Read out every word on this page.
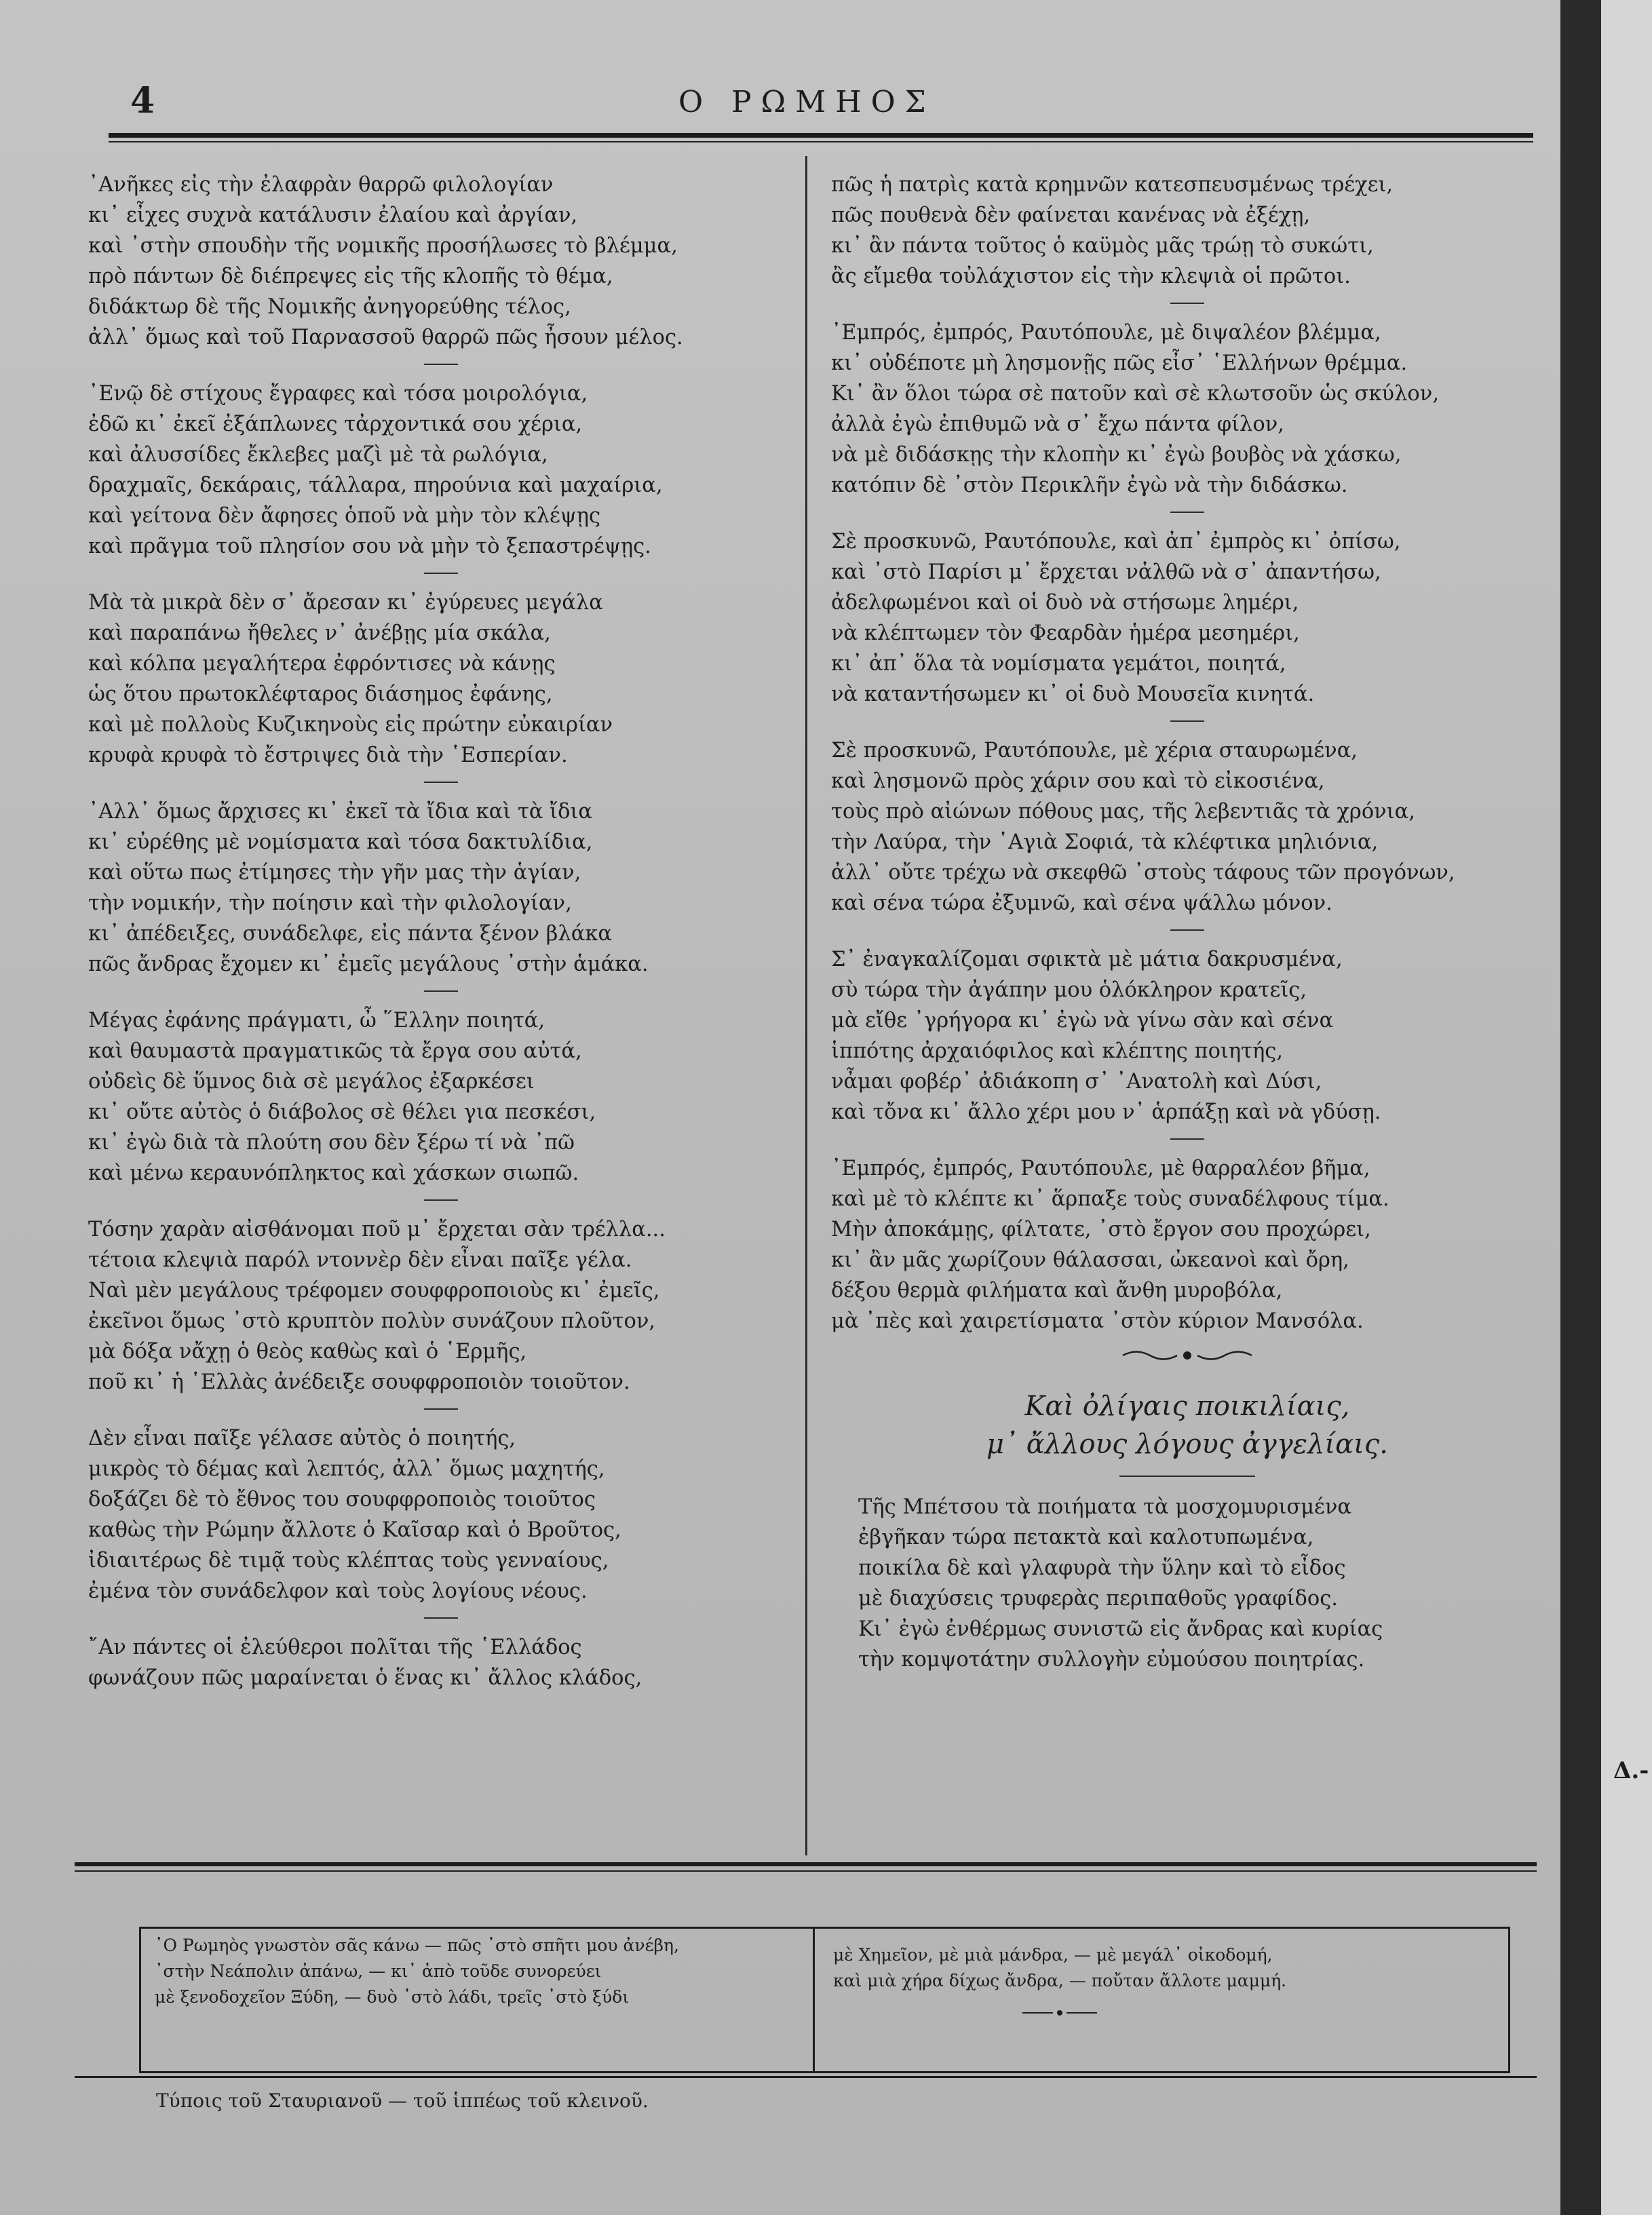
4	Ο ΡΩΜΗΟΣ
᾿Ανῆκες εἰς τὴν ἐλαφρὰν θαρρῶ φιλολογίαν
κι᾿ εἶχες συχνὰ κατάλυσιν ἐλαίου καὶ ἀργίαν,
καὶ ᾿στὴν σπουδὴν τῆς νομικῆς προσήλωσες τὸ βλέμμα,
πρὸ πάντων δὲ διέπρεψες εἰς τῆς κλοπῆς τὸ θέμα,
διδάκτωρ δὲ τῆς Νομικῆς ἀνηγορεύθης τέλος,
ἀλλ᾿ ὅμως καὶ τοῦ Παρνασσοῦ θαρρῶ πῶς ἦσουν μέλος.
᾿Ενῷ δὲ στίχους ἔγραφες καὶ τόσα μοιρολόγια,
ἐδῶ κι᾿ ἐκεῖ ἐξάπλωνες τἀρχοντικά σου χέρια,
καὶ ἀλυσσίδες ἔκλεβες μαζὶ μὲ τὰ ρωλόγια,
δραχμαῖς, δεκάραις, τάλλαρα, πηρούνια καὶ μαχαίρια,
καὶ γείτονα δὲν ἄφησες ὁποῦ νὰ μὴν τὸν κλέψῃς
καὶ πρᾶγμα τοῦ πλησίον σου νὰ μὴν τὸ ξεπαστρέψῃς.
Μὰ τὰ μικρὰ δὲν σ᾿ ἄρεσαν κι᾿ ἐγύρευες μεγάλα
καὶ παραπάνω ἤθελες ν᾿ ἀνέβῃς μία σκάλα,
καὶ κόλπα μεγαλήτερα ἐφρόντισες νὰ κάνῃς
ὡς ὅτου πρωτοκλέφταρος διάσημος ἐφάνης,
καὶ μὲ πολλοὺς Κυζικηνοὺς εἰς πρώτην εὐκαιρίαν
κρυφὰ κρυφὰ τὸ ἔστριψες διὰ τὴν ῾Εσπερίαν.
᾿Αλλ᾿ ὅμως ἄρχισες κι᾿ ἐκεῖ τὰ ἴδια καὶ τὰ ἴδια
κι᾿ εὐρέθης μὲ νομίσματα καὶ τόσα δακτυλίδια,
καὶ οὕτω πως ἐτίμησες τὴν γῆν μας τὴν ἁγίαν,
τὴν νομικήν, τὴν ποίησιν καὶ τὴν φιλολογίαν,
κι᾿ ἀπέδειξες, συνάδελφε, εἰς πάντα ξένον βλάκα
πῶς ἄνδρας ἔχομεν κι᾿ ἐμεῖς μεγάλους ᾿στὴν ἁμάκα.
Μέγας ἐφάνης πράγματι, ὦ ῞Ελλην ποιητά,
καὶ θαυμαστὰ πραγματικῶς τὰ ἔργα σου αὐτά,
οὐδεὶς δὲ ὕμνος διὰ σὲ μεγάλος ἐξαρκέσει
κι᾿ οὔτε αὐτὸς ὁ διάβολος σὲ θέλει για πεσκέσι,
κι᾿ ἐγὼ διὰ τὰ πλούτη σου δὲν ξέρω τί νὰ ᾿πῶ
καὶ μένω κεραυνόπληκτος καὶ χάσκων σιωπῶ.
Τόσην χαρὰν αἰσθάνομαι ποῦ μ᾿ ἔρχεται σὰν τρέλλα...
τέτοια κλεψιὰ παρόλ ντοννὲρ δὲν εἶναι παῖξε γέλα.
Ναὶ μὲν μεγάλους τρέφομεν σουφφροποιοὺς κι᾿ ἐμεῖς,
ἐκεῖνοι ὅμως ᾿στὸ κρυπτὸν πολὺν συνάζουν πλοῦτον,
μὰ δόξα νἄχῃ ὁ θεὸς καθὼς καὶ ὁ ῾Ερμῆς,
ποῦ κι᾿ ἡ ῾Ελλὰς ἀνέδειξε σουφφροποιὸν τοιοῦτον.
Δὲν εἶναι παῖξε γέλασε αὐτὸς ὁ ποιητής,
μικρὸς τὸ δέμας καὶ λεπτός, ἀλλ᾿ ὅμως μαχητής,
δοξάζει δὲ τὸ ἔθνος του σουφφροποιὸς τοιοῦτος
καθὼς τὴν Ρώμην ἄλλοτε ὁ Καῖσαρ καὶ ὁ Βροῦτος,
ἰδιαιτέρως δὲ τιμᾷ τοὺς κλέπτας τοὺς γενναίους,
ἐμένα τὸν συνάδελφον καὶ τοὺς λογίους νέους.
῎Αν πάντες οἱ ἐλεύθεροι πολῖται τῆς ῾Ελλάδος
φωνάζουν πῶς μαραίνεται ὁ ἕνας κι᾿ ἄλλος κλάδος,
πῶς ἡ πατρὶς κατὰ κρημνῶν κατεσπευσμένως τρέχει,
πῶς πουθενὰ δὲν φαίνεται κανένας νὰ ἐξέχῃ,
κι᾿ ἂν πάντα τοῦτος ὁ καϋμὸς μᾶς τρώῃ τὸ συκώτι,
ἂς εἴμεθα τοὐλάχιστον εἰς τὴν κλεψιὰ οἱ πρῶτοι.
᾿Εμπρός, ἐμπρός, Ραυτόπουλε, μὲ διψαλέον βλέμμα,
κι᾿ οὐδέποτε μὴ λησμονῇς πῶς εἶσ᾿ ῾Ελλήνων θρέμμα.
Κι᾿ ἂν ὅλοι τώρα σὲ πατοῦν καὶ σὲ κλωτσοῦν ὡς σκύλον,
ἀλλὰ ἐγὼ ἐπιθυμῶ νὰ σ᾿ ἔχω πάντα φίλον,
νὰ μὲ διδάσκῃς τὴν κλοπὴν κι᾿ ἐγὼ βουβὸς νὰ χάσκω,
κατόπιν δὲ ᾿στὸν Περικλῆν ἐγὼ νὰ τὴν διδάσκω.
Σὲ προσκυνῶ, Ραυτόπουλε, καὶ ἀπ᾿ ἐμπρὸς κι᾿ ὀπίσω,
καὶ ᾿στὸ Παρίσι μ᾿ ἔρχεται νἀλθῶ νὰ σ᾿ ἀπαντήσω,
ἀδελφωμένοι καὶ οἱ δυὸ νὰ στήσωμε λημέρι,
νὰ κλέπτωμεν τὸν Φεαρδὰν ἡμέρα μεσημέρι,
κι᾿ ἀπ᾿ ὅλα τὰ νομίσματα γεμάτοι, ποιητά,
νὰ καταντήσωμεν κι᾿ οἱ δυὸ Μουσεῖα κινητά.
Σὲ προσκυνῶ, Ραυτόπουλε, μὲ χέρια σταυρωμένα,
καὶ λησμονῶ πρὸς χάριν σου καὶ τὸ εἰκοσιένα,
τοὺς πρὸ αἰώνων πόθους μας, τῆς λεβεντιᾶς τὰ χρόνια,
τὴν Λαύρα, τὴν ῾Αγιὰ Σοφιά, τὰ κλέφτικα μηλιόνια,
ἀλλ᾿ οὔτε τρέχω νὰ σκεφθῶ ᾿στοὺς τάφους τῶν προγόνων,
καὶ σένα τώρα ἐξυμνῶ, καὶ σένα ψάλλω μόνον.
Σ᾿ ἐναγκαλίζομαι σφικτὰ μὲ μάτια δακρυσμένα,
σὺ τώρα τὴν ἀγάπην μου ὁλόκληρον κρατεῖς,
μὰ εἴθε ᾿γρήγορα κι᾿ ἐγὼ νὰ γίνω σὰν καὶ σένα
ἱππότης ἀρχαιόφιλος καὶ κλέπτης ποιητής,
νἆμαι φοβέρ᾿ ἀδιάκοπη σ᾿ ᾿Ανατολὴ καὶ Δύσι,
καὶ τὄνα κι᾿ ἄλλο χέρι μου ν᾿ ἁρπάξῃ καὶ νὰ γδύσῃ.
᾿Εμπρός, ἐμπρός, Ραυτόπουλε, μὲ θαρραλέον βῆμα,
καὶ μὲ τὸ κλέπτε κι᾿ ἅρπαξε τοὺς συναδέλφους τίμα.
Μὴν ἀποκάμῃς, φίλτατε, ᾿στὸ ἔργον σου προχώρει,
κι᾿ ἂν μᾶς χωρίζουν θάλασσαι, ὠκεανοὶ καὶ ὄρη,
δέξου θερμὰ φιλήματα καὶ ἄνθη μυροβόλα,
μὰ ᾿πὲς καὶ χαιρετίσματα ᾿στὸν κύριον Μανσόλα.
Καὶ ὀλίγαις ποικιλίαις,
μ᾿ ἄλλους λόγους ἀγγελίαις.
Τῆς Μπέτσου τὰ ποιήματα τὰ μοσχομυρισμένα
ἐβγῆκαν τώρα πετακτὰ καὶ καλοτυπωμένα,
ποικίλα δὲ καὶ γλαφυρὰ τὴν ὕλην καὶ τὸ εἶδος
μὲ διαχύσεις τρυφερὰς περιπαθοῦς γραφίδος.
Κι᾿ ἐγὼ ἐνθέρμως συνιστῶ εἰς ἄνδρας καὶ κυρίας
τὴν κομψοτάτην συλλογὴν εὐμούσου ποιητρίας.
Δ.-
῾Ο Ρωμηὸς γνωστὸν σᾶς κάνω — πῶς ᾿στὸ σπῆτι μου ἀνέβη,
᾿στὴν Νεάπολιν ἀπάνω, — κι᾿ ἀπὸ τοῦδε συνορεύει
μὲ ξενοδοχεῖον Ξύδη, — δυὸ ᾿στὸ λάδι, τρεῖς ᾿στὸ ξύδι
μὲ Χημεῖον, μὲ μιὰ μάνδρα, — μὲ μεγάλ᾿ οἰκοδομή,
καὶ μιὰ χήρα δίχως ἄνδρα, — ποὔταν ἄλλοτε μαμμή.
Τύποις τοῦ Σταυριανοῦ — τοῦ ἱππέως τοῦ κλεινοῦ.
